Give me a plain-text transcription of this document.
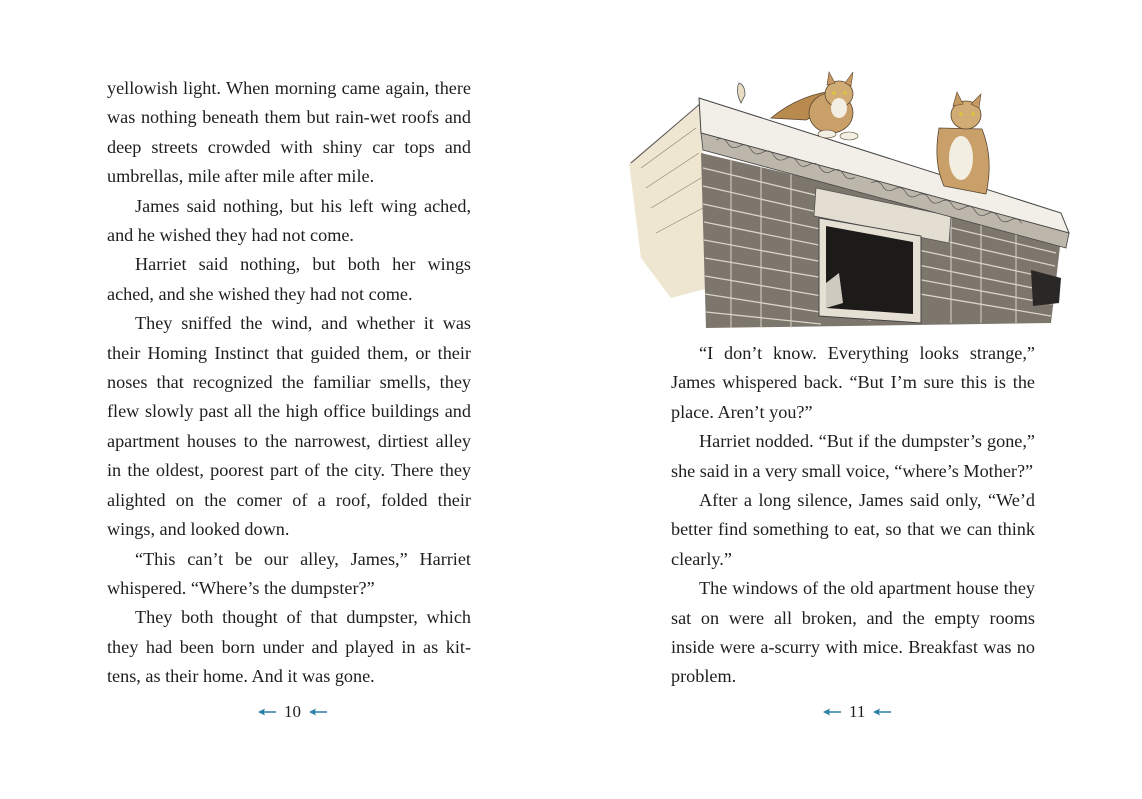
yellowish light. When morning came again, there was nothing beneath them but rain-wet roofs and deep streets crowded with shiny car tops and umbrellas, mile after mile after mile.

James said nothing, but his left wing ached, and he wished they had not come.

Harriet said nothing, but both her wings ached, and she wished they had not come.

They sniffed the wind, and whether it was their Homing Instinct that guided them, or their noses that recognized the familiar smells, they flew slowly past all the high office buildings and apartment houses to the narrowest, dirtiest alley in the oldest, poorest part of the city. There they alighted on the comer of a roof, folded their wings, and looked down.

“This can’t be our alley, James,” Harriet whispered. “Where’s the dumpster?”

They both thought of that dumpster, which they had been born under and played in as kittens, as their home. And it was gone.

10

“I don’t know. Everything looks strange,” James whispered back. “But I’m sure this is the place. Aren’t you?”

Harriet nodded. “But if the dumpster’s gone,” she said in a very small voice, “where’s Mother?”

After a long silence, James said only, “We’d better find something to eat, so that we can think clearly.”

The windows of the old apartment house they sat on were all broken, and the empty rooms inside were a-scurry with mice. Breakfast was no problem.

11
